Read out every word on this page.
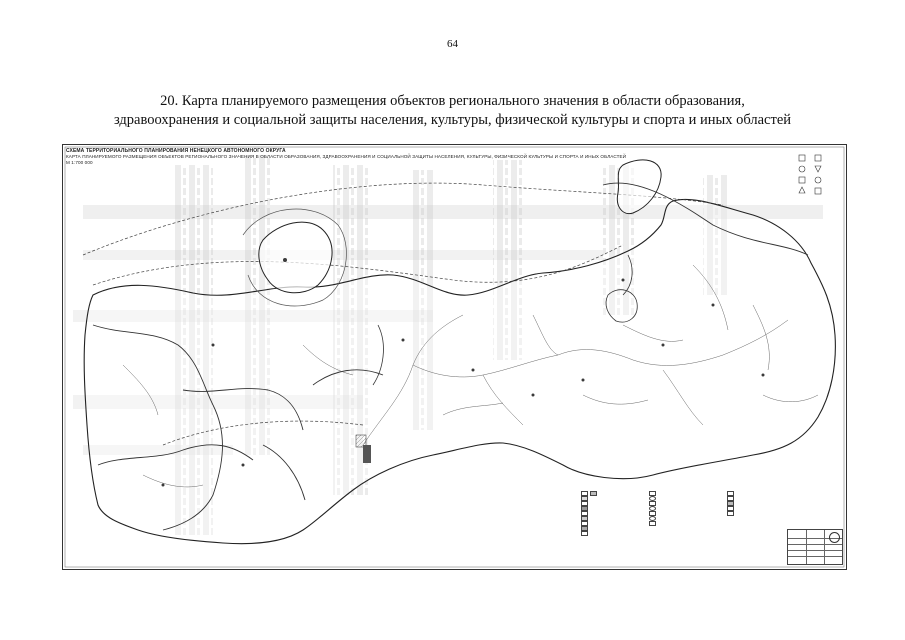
64
20. Карта планируемого размещения объектов регионального значения в области образования,
здравоохранения и социальной защиты населения, культуры, физической культуры и спорта и иных областей
СХЕМА ТЕРРИТОРИАЛЬНОГО ПЛАНИРОВАНИЯ НЕНЕЦКОГО АВТОНОМНОГО ОКРУГА
КАРТА ПЛАНИРУЕМОГО РАЗМЕЩЕНИЯ ОБЪЕКТОВ РЕГИОНАЛЬНОГО ЗНАЧЕНИЯ В ОБЛАСТИ ОБРАЗОВАНИЯ, ЗДРАВООХРАНЕНИЯ И СОЦИАЛЬНОЙ ЗАЩИТЫ НАСЕЛЕНИЯ, КУЛЬТУРЫ, ФИЗИЧЕСКОЙ КУЛЬТУРЫ И СПОРТА И ИНЫХ ОБЛАСТЕЙ
М 1:700 000
